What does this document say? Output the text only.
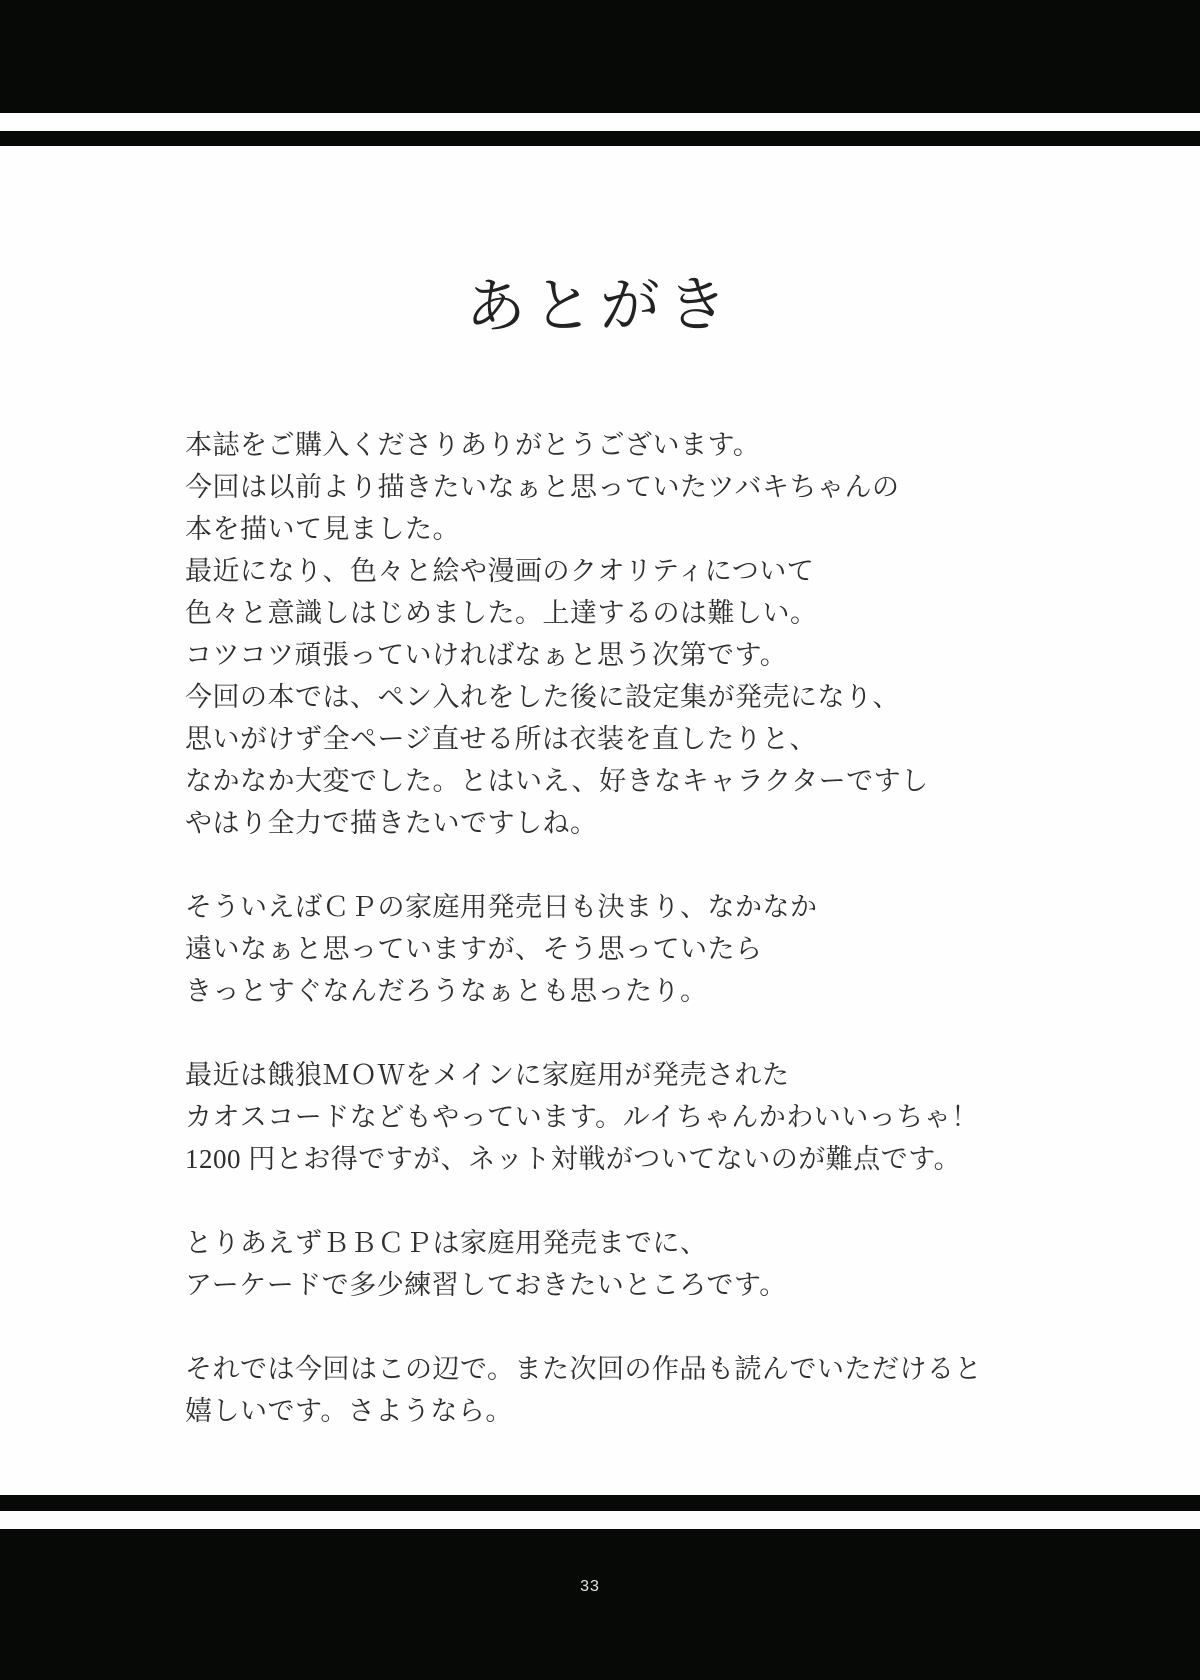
あとがき
本誌をご購入くださりありがとうございます。
今回は以前より描きたいなぁと思っていたツバキちゃんの
本を描いて見ました。
最近になり、色々と絵や漫画のクオリティについて
色々と意識しはじめました。上達するのは難しい。
コツコツ頑張っていければなぁと思う次第です。
今回の本では、ペン入れをした後に設定集が発売になり、
思いがけず全ページ直せる所は衣装を直したりと、
なかなか大変でした。とはいえ、好きなキャラクターですし
やはり全力で描きたいですしね。
そういえばＣＰの家庭用発売日も決まり、なかなか
遠いなぁと思っていますが、そう思っていたら
きっとすぐなんだろうなぁとも思ったり。
最近は餓狼ＭＯＷをメインに家庭用が発売された
カオスコードなどもやっています。ルイちゃんかわいいっちゃ！
1200 円とお得ですが、ネット対戦がついてないのが難点です。
とりあえずＢＢＣＰは家庭用発売までに、
アーケードで多少練習しておきたいところです。
それでは今回はこの辺で。また次回の作品も読んでいただけると
嬉しいです。さようなら。
33
